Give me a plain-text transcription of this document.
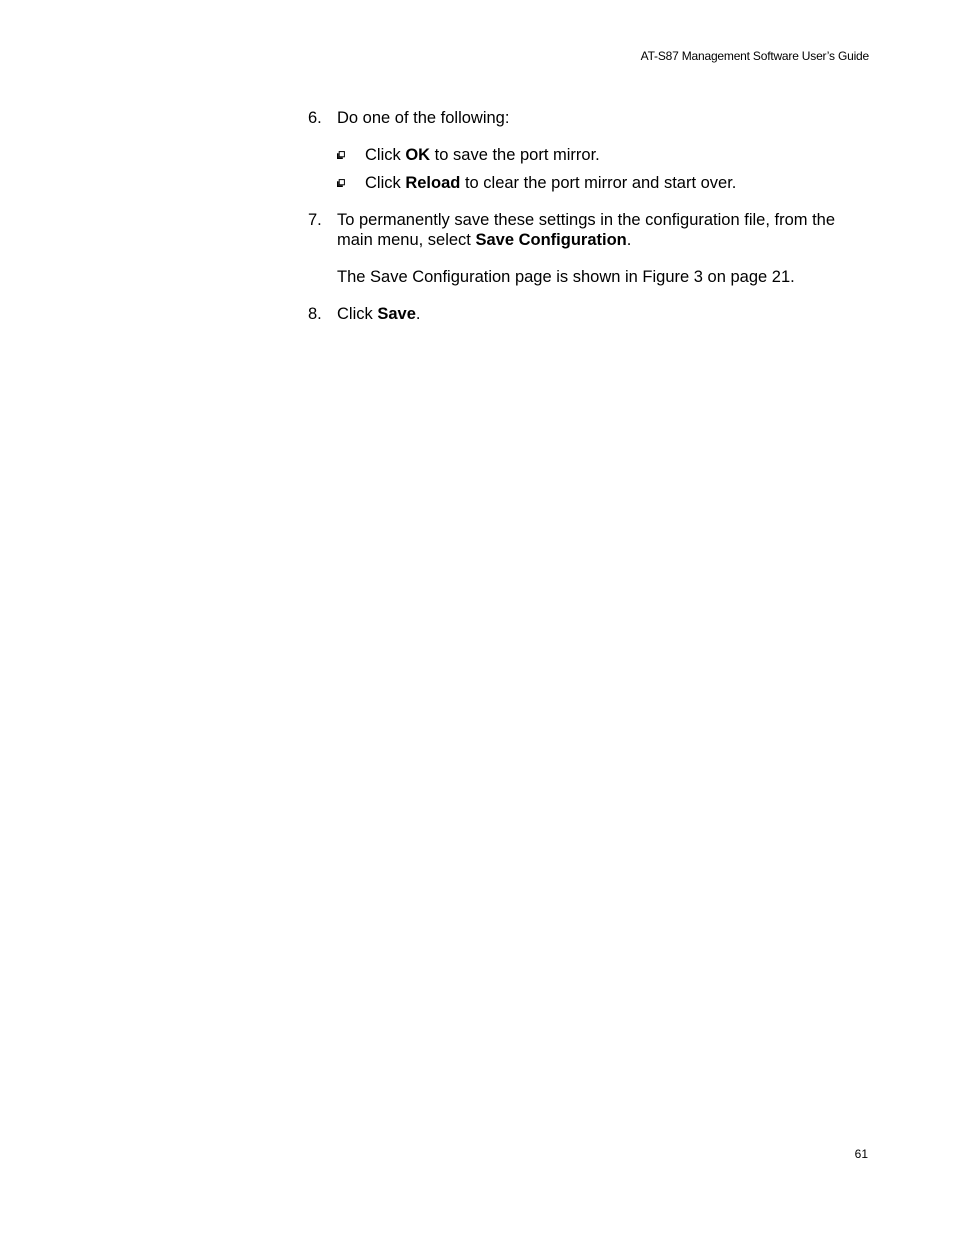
AT-S87 Management Software User’s Guide
6. Do one of the following:
Click OK to save the port mirror.
Click Reload to clear the port mirror and start over.
7. To permanently save these settings in the configuration file, from the main menu, select Save Configuration.

The Save Configuration page is shown in Figure 3 on page 21.

8. Click Save.
61
